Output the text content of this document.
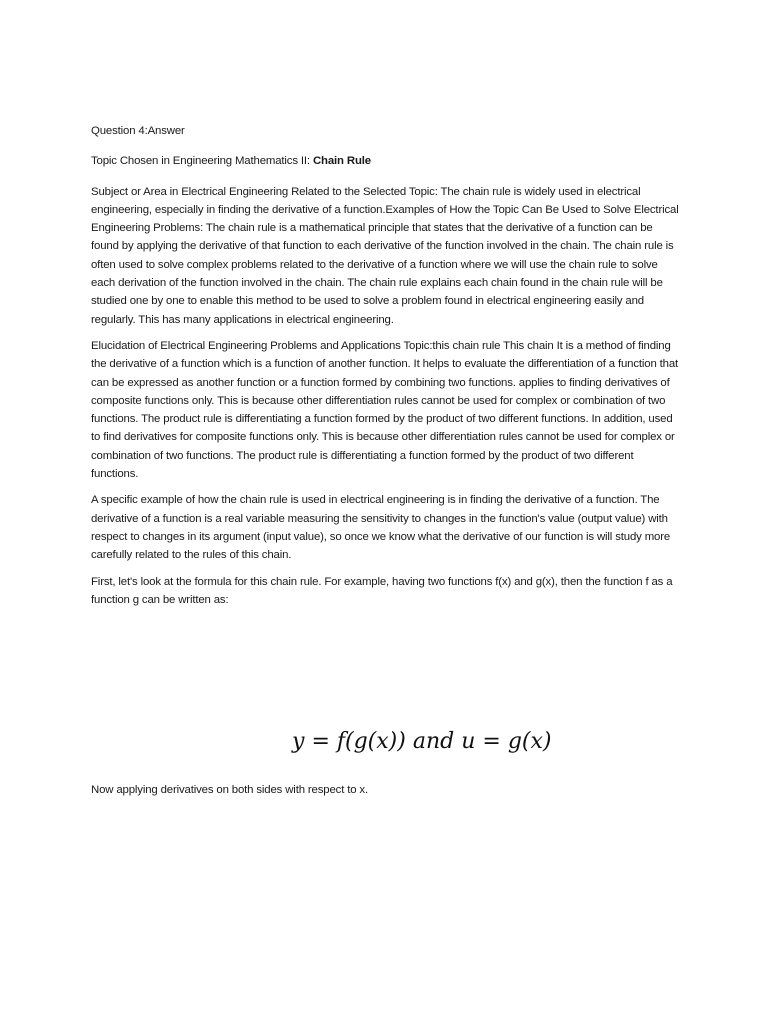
Question 4:Answer

Topic Chosen in Engineering Mathematics II: Chain Rule

Subject or Area in Electrical Engineering Related to the Selected Topic: The chain rule is widely used in electrical engineering, especially in finding the derivative of a function.Examples of How the Topic Can Be Used to Solve Electrical Engineering Problems: The chain rule is a mathematical principle that states that the derivative of a function can be found by applying the derivative of that function to each derivative of the function involved in the chain. The chain rule is often used to solve complex problems related to the derivative of a function where we will use the chain rule to solve each derivation of the function involved in the chain. The chain rule explains each chain found in the chain rule will be studied one by one to enable this method to be used to solve a problem found in electrical engineering easily and regularly. This has many applications in electrical engineering.

Elucidation of Electrical Engineering Problems and Applications Topic:this chain rule This chain It is a method of finding the derivative of a function which is a function of another function. It helps to evaluate the differentiation of a function that can be expressed as another function or a function formed by combining two functions. applies to finding derivatives of composite functions only. This is because other differentiation rules cannot be used for complex or combination of two functions. The product rule is differentiating a function formed by the product of two different functions. In addition, used to find derivatives for composite functions only. This is because other differentiation rules cannot be used for complex or combination of two functions. The product rule is differentiating a function formed by the product of two different functions.

A specific example of how the chain rule is used in electrical engineering is in finding the derivative of a function. The derivative of a function is a real variable measuring the sensitivity to changes in the function's value (output value) with respect to changes in its argument (input value), so once we know what the derivative of our function is will study more carefully related to the rules of this chain.

First, let's look at the formula for this chain rule. For example, having two functions f(x) and g(x), then the function f as a function g can be written as:

y = f(g(x)) and u = g(x)

Now applying derivatives on both sides with respect to x.
